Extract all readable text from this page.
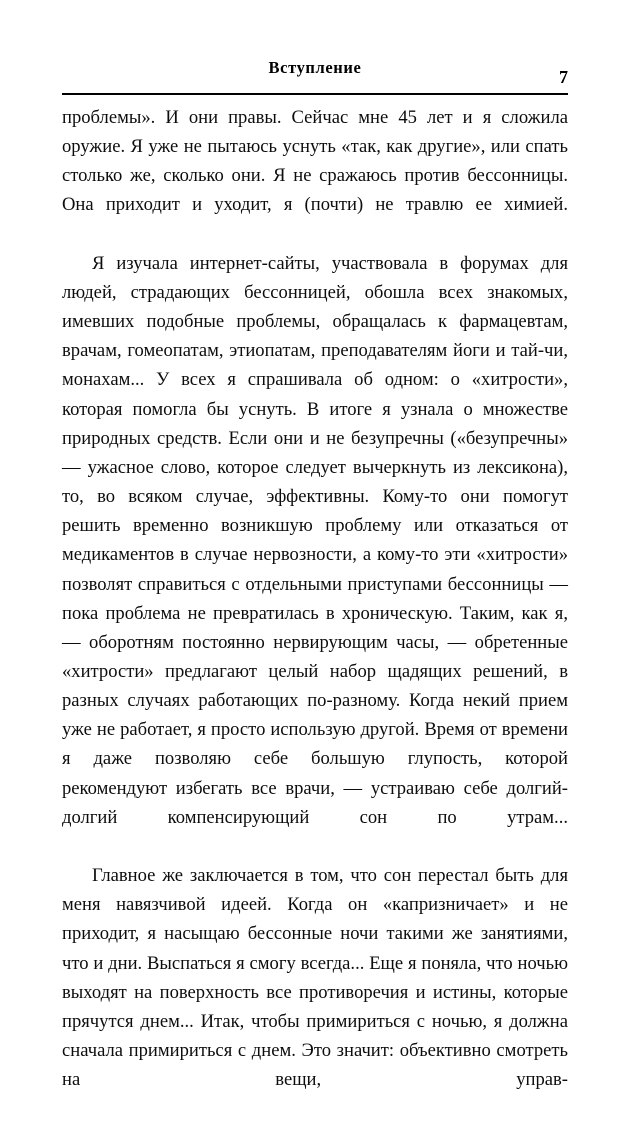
Вступление	7

проблемы». И они правы. Сейчас мне 45 лет и я сложила оружие. Я уже не пытаюсь уснуть «так, как другие», или спать столько же, сколько они. Я не сражаюсь против бессонницы. Она приходит и уходит, я (почти) не травлю ее химией.

Я изучала интернет-сайты, участвовала в форумах для людей, страдающих бессонницей, обошла всех знакомых, имевших подобные проблемы, обращалась к фармацевтам, врачам, гомеопатам, этиопатам, преподавателям йоги и тай-чи, монахам... У всех я спрашивала об одном: о «хитрости», которая помогла бы уснуть. В итоге я узнала о множестве природных средств. Если они и не безупречны («безупречны» — ужасное слово, которое следует вычеркнуть из лексикона), то, во всяком случае, эффективны. Кому-то они помогут решить временно возникшую проблему или отказаться от медикаментов в случае нервозности, а кому-то эти «хитрости» позволят справиться с отдельными приступами бессонницы — пока проблема не превратилась в хроническую. Таким, как я, — оборотням постоянно нервирующим часы, — обретенные «хитрости» предлагают целый набор щадящих решений, в разных случаях работающих по-разному. Когда некий прием уже не работает, я просто использую другой. Время от времени я даже позволяю себе большую глупость, которой рекомендуют избегать все врачи, — устраиваю себе долгий-долгий компенсирующий сон по утрам...

Главное же заключается в том, что сон перестал быть для меня навязчивой идеей. Когда он «капризничает» и не приходит, я насыщаю бессонные ночи такими же занятиями, что и дни. Выспаться я смогу всегда... Еще я поняла, что ночью выходят на поверхность все противоречия и истины, которые прячутся днем... Итак, чтобы примириться с ночью, я должна сначала примириться с днем. Это значит: объективно смотреть на вещи, управ-
